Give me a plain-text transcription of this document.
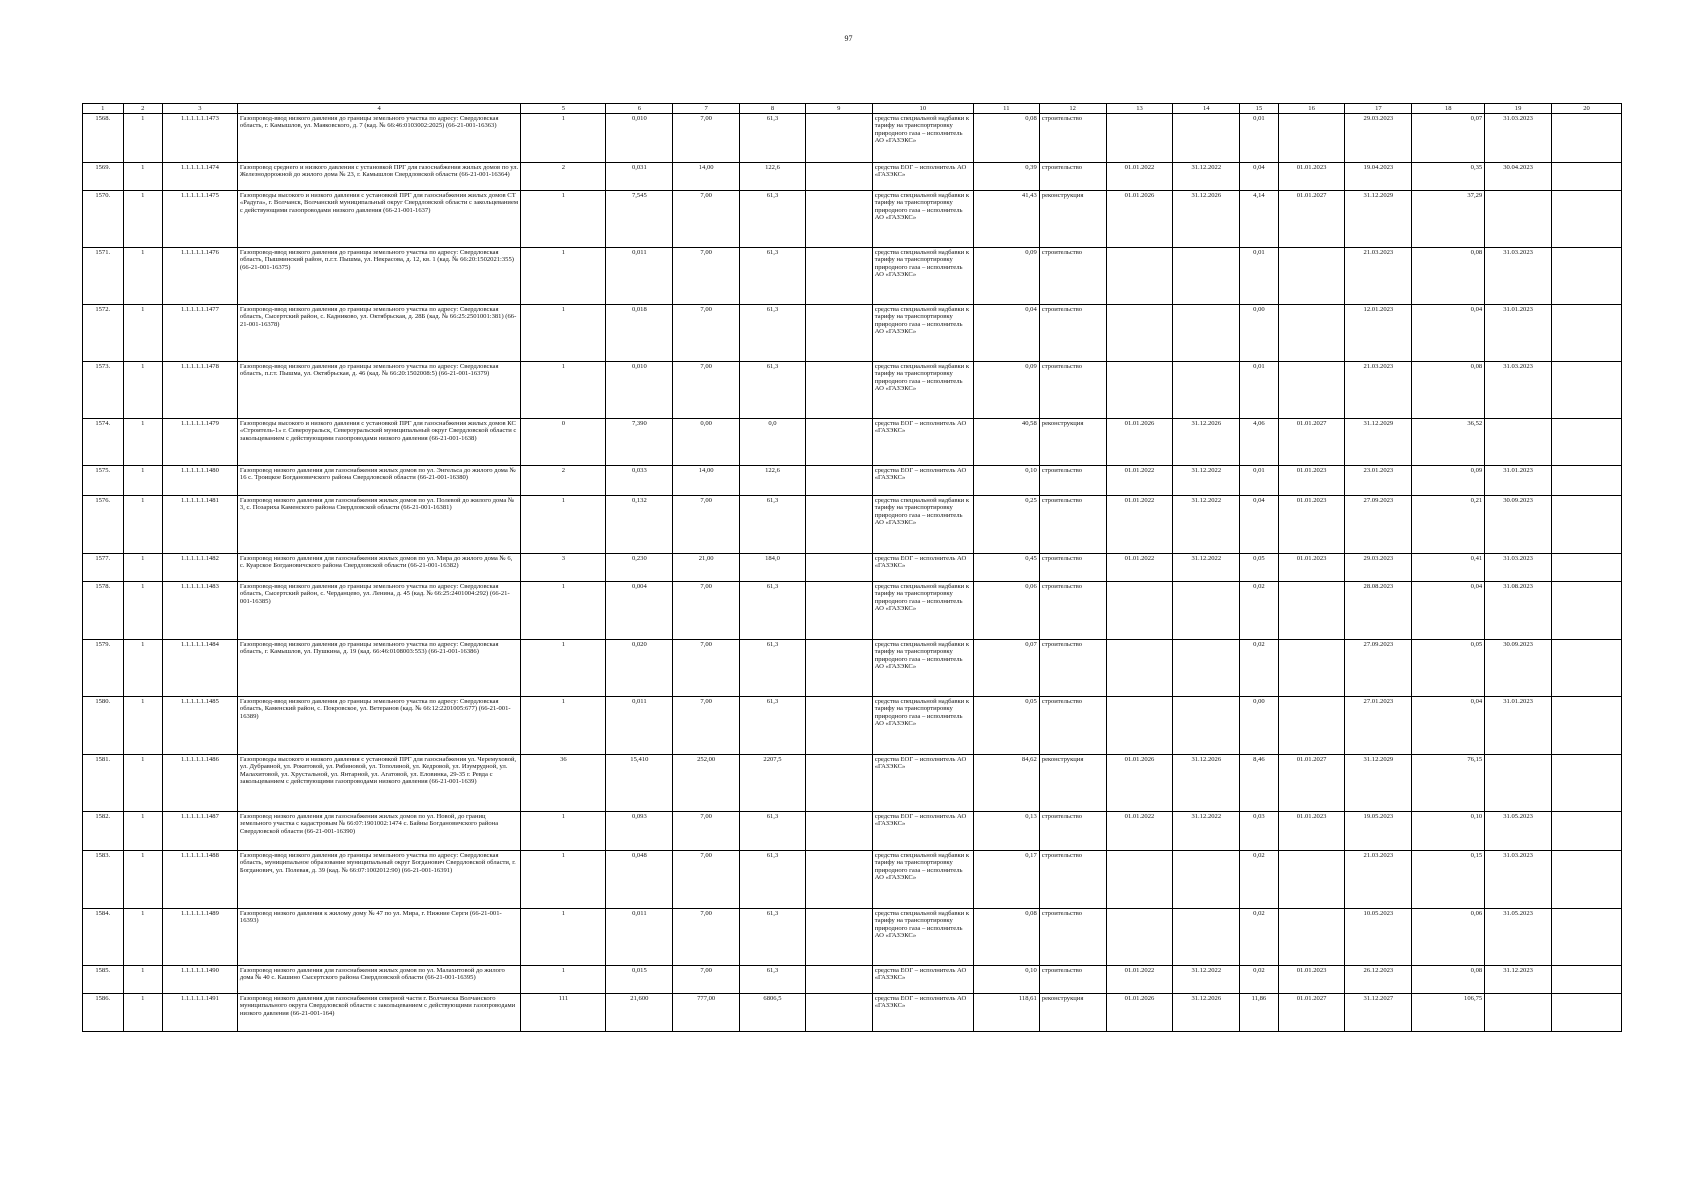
97
1	2	3	4	5	6	7	8	9	10	11	12	13	14	15	16	17	18	19	20
1568.	1	1.1.1.1.1.1473	Газопровод-ввод низкого давления до границы земельного участка по адресу: Свердловская область, г. Камышлов, ул. Маяковского, д. 7 (кад. № 66:46:0103002:2025) (66-21-001-16363)	1	0,010	7,00	61,3		средства специальной надбавки к тарифу на транспортировку природного газа – исполнитель АО «ГАЗЭКС»	0,08	строительство			0,01		29.03.2023	0,07	31.03.2023	
1569.	1	1.1.1.1.1.1474	Газопровод среднего и низкого давления с установкой ПРГ для газоснабжения жилых домов по ул. Железнодорожной до жилого дома № 23, г. Камышлов Свердловской области (66-21-001-16364)	2	0,031	14,00	122,6		средства ЕОГ – исполнитель АО «ГАЗЭКС»	0,39	строительство	01.01.2022	31.12.2022	0,04	01.01.2023	19.04.2023	0,35	30.04.2023	
1570.	1	1.1.1.1.1.1475	Газопроводы высокого и низкого давления с установкой ПРГ для газоснабжения жилых домов СТ «Радуга», г. Волчанск, Волчанский муниципальный округ Свердловской области с закольцеванием с действующими газопроводами низкого давления (66-21-001-1637)	1	7,545	7,00	61,3		средства специальной надбавки к тарифу на транспортировку природного газа – исполнитель АО «ГАЗЭКС»	41,43	реконструкция	01.01.2026	31.12.2026	4,14	01.01.2027	31.12.2029	37,29		
1571.	1	1.1.1.1.1.1476	Газопровод-ввод низкого давления до границы земельного участка по адресу: Свердловская область, Пышминский район, п.г.т. Пышма, ул. Некрасова, д. 12, кв. 1 (кад. № 66:20:1502021:355) (66-21-001-16375)	1	0,011	7,00	61,3		средства специальной надбавки к тарифу на транспортировку природного газа – исполнитель АО «ГАЗЭКС»	0,09	строительство			0,01		21.03.2023	0,08	31.03.2023	
1572.	1	1.1.1.1.1.1477	Газопровод-ввод низкого давления до границы земельного участка по адресу: Свердловская область, Сысертский район, с. Кадниково, ул. Октябрьская, д. 28Б (кад. № 66:25:2501001:381) (66-21-001-16378)	1	0,018	7,00	61,3		средства специальной надбавки к тарифу на транспортировку природного газа – исполнитель АО «ГАЗЭКС»	0,04	строительство			0,00		12.01.2023	0,04	31.01.2023	
1573.	1	1.1.1.1.1.1478	Газопровод-ввод низкого давления до границы земельного участка по адресу: Свердловская область, п.г.т. Пышма, ул. Октябрьская, д. 46 (кад. № 66:20:1502008:5) (66-21-001-16379)	1	0,010	7,00	61,3		средства специальной надбавки к тарифу на транспортировку природного газа – исполнитель АО «ГАЗЭКС»	0,09	строительство			0,01		21.03.2023	0,08	31.03.2023	
1574.	1	1.1.1.1.1.1479	Газопроводы высокого и низкого давления с установкой ПРГ для газоснабжения жилых домов КС «Строитель-1» г. Североуральск, Североуральский муниципальный округ Свердловской области с закольцеванием с действующими газопроводами низкого давления (66-21-001-1638)	0	7,390	0,00	0,0		средства ЕОГ – исполнитель АО «ГАЗЭКС»	40,58	реконструкция	01.01.2026	31.12.2026	4,06	01.01.2027	31.12.2029	36,52		
1575.	1	1.1.1.1.1.1480	Газопровод низкого давления для газоснабжения жилых домов по ул. Энгельса до жилого дома № 16 с. Троицкое Богдановичского района Свердловской области (66-21-001-16380)	2	0,033	14,00	122,6		средства ЕОГ – исполнитель АО «ГАЗЭКС»	0,10	строительство	01.01.2022	31.12.2022	0,01	01.01.2023	23.01.2023	0,09	31.01.2023	
1576.	1	1.1.1.1.1.1481	Газопровод низкого давления для газоснабжения жилых домов по ул. Полевой до жилого дома № 3, с. Позариха Каменского района Свердловской области (66-21-001-16381)	1	0,132	7,00	61,3		средства специальной надбавки к тарифу на транспортировку природного газа – исполнитель АО «ГАЗЭКС»	0,25	строительство	01.01.2022	31.12.2022	0,04	01.01.2023	27.09.2023	0,21	30.09.2023	
1577.	1	1.1.1.1.1.1482	Газопровод низкого давления для газоснабжения жилых домов по ул. Мира до жилого дома № 6, с. Куарское Богдановичского района Свердловской области (66-21-001-16382)	3	0,230	21,00	184,0		средства ЕОГ – исполнитель АО «ГАЗЭКС»	0,45	строительство	01.01.2022	31.12.2022	0,05	01.01.2023	29.03.2023	0,41	31.03.2023	
1578.	1	1.1.1.1.1.1483	Газопровод-ввод низкого давления до границы земельного участка по адресу: Свердловская область, Сысертский район, с. Черданцево, ул. Ленина, д. 45 (кад. № 66:25:2401004:292) (66-21-001-16385)	1	0,004	7,00	61,3		средства специальной надбавки к тарифу на транспортировку природного газа – исполнитель АО «ГАЗЭКС»	0,06	строительство			0,02		28.08.2023	0,04	31.08.2023	
1579.	1	1.1.1.1.1.1484	Газопровод-ввод низкого давления до границы земельного участка по адресу: Свердловская область, г. Камышлов, ул. Пушкина, д. 19 (кад. 66:46:0108003:553) (66-21-001-16386)	1	0,020	7,00	61,3		средства специальной надбавки к тарифу на транспортировку природного газа – исполнитель АО «ГАЗЭКС»	0,07	строительство			0,02		27.09.2023	0,05	30.09.2023	
1580.	1	1.1.1.1.1.1485	Газопровод-ввод низкого давления до границы земельного участка по адресу: Свердловская область, Каменский район, с. Покровское, ул. Ветеранов (кад. № 66:12:2201005:677) (66-21-001-16389)	1	0,011	7,00	61,3		средства специальной надбавки к тарифу на транспортировку природного газа – исполнитель АО «ГАЗЭКС»	0,05	строительство			0,00		27.01.2023	0,04	31.01.2023	
1581.	1	1.1.1.1.1.1486	Газопроводы высокого и низкого давления с установкой ПРГ для газоснабжения ул. Черемуховой, ул. Дубравной, ул. Рокитовой, ул. Рябиновой, ул. Тополиной, ул. Кедровой, ул. Изумрудной, ул. Малахитовой, ул. Хрустальной, ул. Янтарной, ул. Агатовой, ул. Еловинка, 29-35 г. Ревда с закольцеванием с действующими газопроводами низкого давления (66-21-001-1639)	36	15,410	252,00	2207,5		средства ЕОГ – исполнитель АО «ГАЗЭКС»	84,62	реконструкция	01.01.2026	31.12.2026	8,46	01.01.2027	31.12.2029	76,15		
1582.	1	1.1.1.1.1.1487	Газопровод низкого давления для газоснабжения жилых домов по ул. Новой, до границ земельного участка с кадастровым № 66:07:1901002:1474 с. Байны Богдановичского района Свердловской области (66-21-001-16390)	1	0,093	7,00	61,3		средства ЕОГ – исполнитель АО «ГАЗЭКС»	0,13	строительство	01.01.2022	31.12.2022	0,03	01.01.2023	19.05.2023	0,10	31.05.2023	
1583.	1	1.1.1.1.1.1488	Газопровод-ввод низкого давления до границы земельного участка по адресу: Свердловская область, муниципальное образование муниципальный округ Богданович Свердловской области, г. Богданович, ул. Полевая, д. 39 (кад. № 66:07:1002012:90) (66-21-001-16391)	1	0,048	7,00	61,3		средства специальной надбавки к тарифу на транспортировку природного газа – исполнитель АО «ГАЗЭКС»	0,17	строительство			0,02		21.03.2023	0,15	31.03.2023	
1584.	1	1.1.1.1.1.1489	Газопровод низкого давления к жилому дому № 47 по ул. Мира, г. Нижние Серги (66-21-001-16393)	1	0,011	7,00	61,3		средства специальной надбавки к тарифу на транспортировку природного газа – исполнитель АО «ГАЗЭКС»	0,08	строительство			0,02		10.05.2023	0,06	31.05.2023	
1585.	1	1.1.1.1.1.1490	Газопровод низкого давления для газоснабжения жилых домов по ул. Малахитовой до жилого дома № 40 с. Кашино Сысертского района Свердловской области (66-21-001-16395)	1	0,015	7,00	61,3		средства ЕОГ – исполнитель АО «ГАЗЭКС»	0,10	строительство	01.01.2022	31.12.2022	0,02	01.01.2023	26.12.2023	0,08	31.12.2023	
1586.	1	1.1.1.1.1.1491	Газопровод низкого давления для газоснабжения северной части г. Волчанска Волчанского муниципального округа Свердловской области с закольцеванием с действующими газопроводами низкого давления (66-21-001-164)	111	21,600	777,00	6806,5		средства ЕОГ – исполнитель АО «ГАЗЭКС»	118,61	реконструкция	01.01.2026	31.12.2026	11,86	01.01.2027	31.12.2027	106,75		
